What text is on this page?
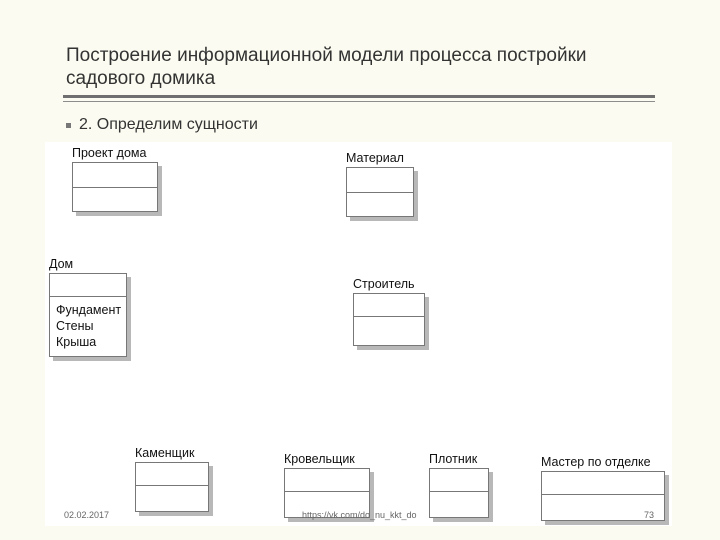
Построение информационной модели процесса постройки садового домика
2. Определим сущности
Проект дома	Материал
Дом
Фундамент
Стены
Крыша
Строитель
Каменщик	Кровельщик	Плотник	Мастер по отделке
02.02.2017	https://vk.com/do_nu_kkt_do	73
